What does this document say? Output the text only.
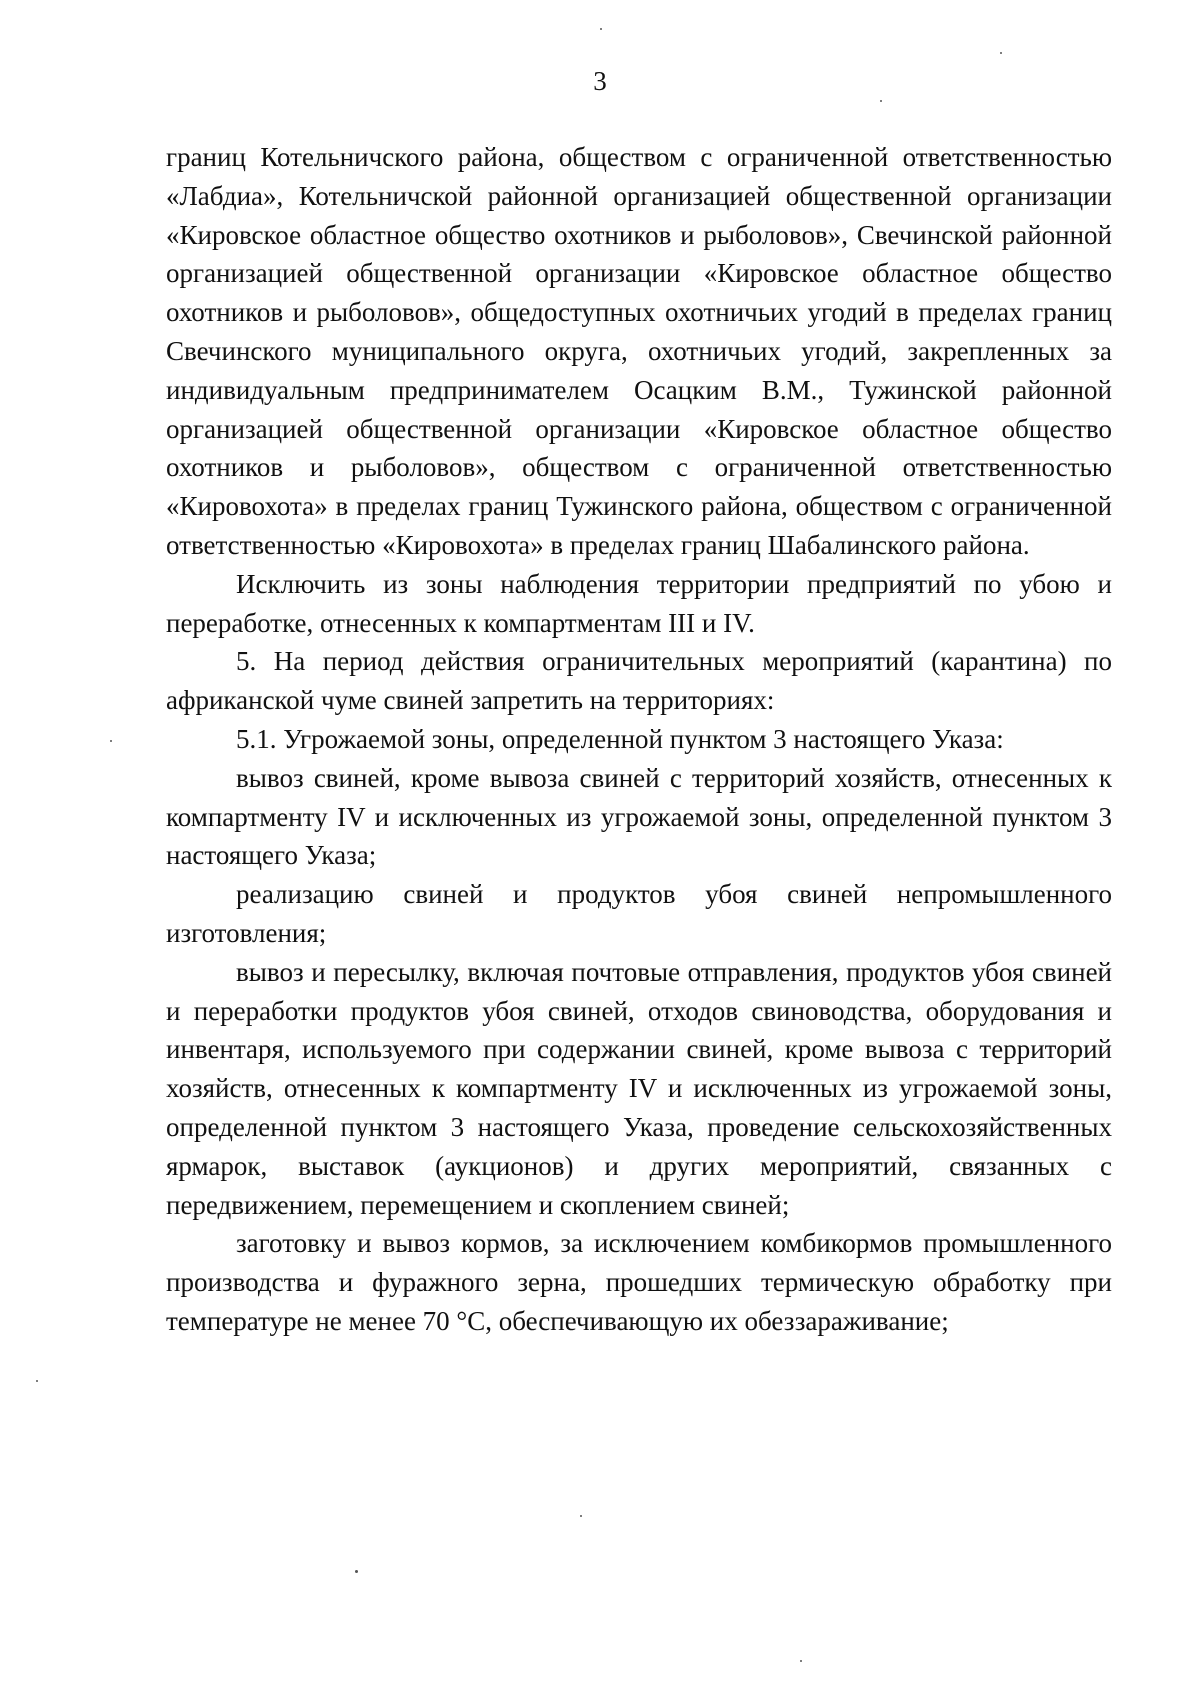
3

границ Котельничского района, обществом с ограниченной ответственностью «Лабдиа», Котельничской районной организацией общественной организации «Кировское областное общество охотников и рыболовов», Свечинской районной организацией общественной организации «Кировское областное общество охотников и рыболовов», общедоступных охотничьих угодий в пределах границ Свечинского муниципального округа, охотничьих угодий, закрепленных за индивидуальным предпринимателем Осацким В.М., Тужинской районной организацией общественной организации «Кировское областное общество охотников и рыболовов», обществом с ограниченной ответственностью «Кировохота» в пределах границ Тужинского района, обществом с ограниченной ответственностью «Кировохота» в пределах границ Шабалинского района.

Исключить из зоны наблюдения территории предприятий по убою и переработке, отнесенных к компартментам III и IV.

5. На период действия ограничительных мероприятий (карантина) по африканской чуме свиней запретить на территориях:

5.1. Угрожаемой зоны, определенной пунктом 3 настоящего Указа:

вывоз свиней, кроме вывоза свиней с территорий хозяйств, отнесенных к компартменту IV и исключенных из угрожаемой зоны, определенной пунктом 3 настоящего Указа;

реализацию свиней и продуктов убоя свиней непромышленного изготовления;

вывоз и пересылку, включая почтовые отправления, продуктов убоя свиней и переработки продуктов убоя свиней, отходов свиноводства, оборудования и инвентаря, используемого при содержании свиней, кроме вывоза с территорий хозяйств, отнесенных к компартменту IV и исключенных из угрожаемой зоны, определенной пунктом 3 настоящего Указа, проведение сельскохозяйственных ярмарок, выставок (аукционов) и других мероприятий, связанных с передвижением, перемещением и скоплением свиней;

заготовку и вывоз кормов, за исключением комбикормов промышленного производства и фуражного зерна, прошедших термическую обработку при температуре не менее 70 °C, обеспечивающую их обеззараживание;
